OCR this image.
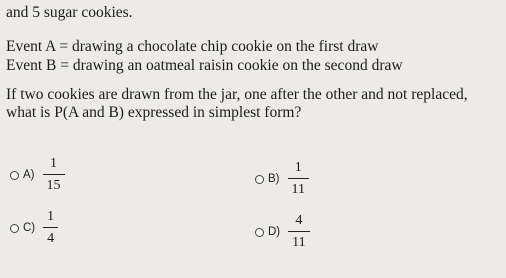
and 5 sugar cookies.
Event A = drawing a chocolate chip cookie on the first draw
Event B = drawing an oatmeal raisin cookie on the second draw
If two cookies are drawn from the jar, one after the other and not replaced,
what is P(A and B) expressed in simplest form?
$A) \frac{1}{15}$	$B) \frac{1}{11}$
$C) \frac{1}{4}$	$D) \frac{4}{11}$
